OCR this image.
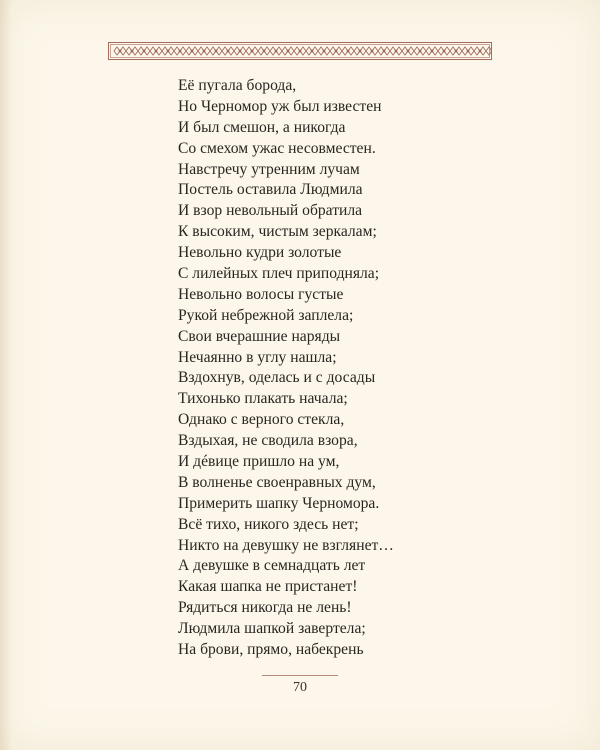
Её пугала борода,
Но Черномор уж был известен
И был смешон, а никогда
Со смехом ужас несовместен.
Навстречу утренним лучам
Постель оставила Людмила
И взор невольный обратила
К высоким, чистым зеркалам;
Невольно кудри золотые
С лилейных плеч приподняла;
Невольно волосы густые
Рукой небрежной заплела;
Свои вчерашние наряды
Нечаянно в углу нашла;
Вздохнув, оделась и с досады
Тихонько плакать начала;
Однако с верного стекла,
Вздыхая, не сводила взора,
И дéвице пришло на ум,
В волненье своенравных дум,
Примерить шапку Черномора.
Всё тихо, никого здесь нет;
Никто на девушку не взглянет…
А девушке в семнадцать лет
Какая шапка не пристанет!
Рядиться никогда не лень!
Людмила шапкой завертела;
На брови, прямо, набекрень
70
